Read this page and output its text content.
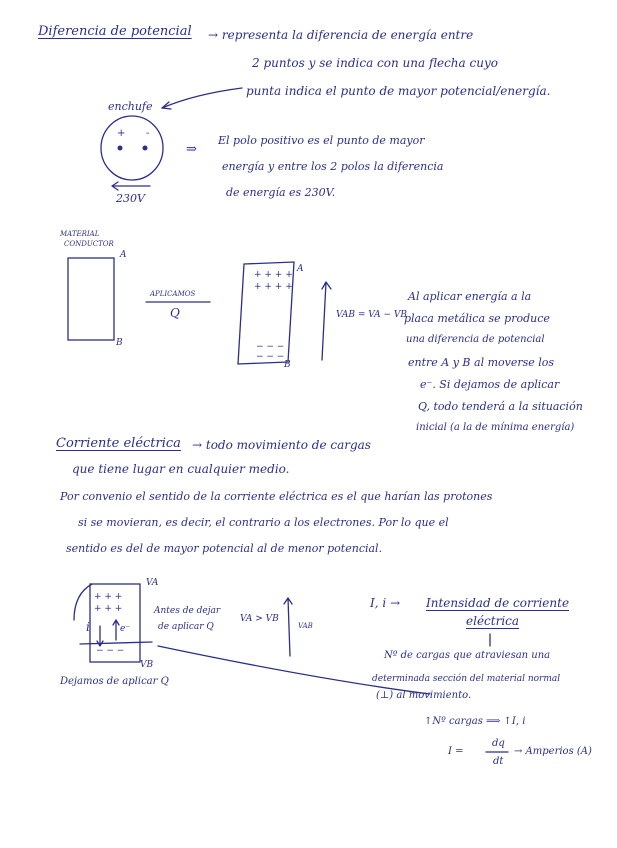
Diferencia de potencial → representa la diferencia de energía entre
2 puntos y se indica con una flecha cuyo
punta indica el punto de mayor potencial/energía.
enchufe
+ -
230V
⇒
El polo positivo es el punto de mayor
energía y entre los 2 polos la diferencia
de energía es 230V.
MATERIAL
CONDUCTOR
A
B
APLICAMOS
Q
+ + + +
+ + + +
− − −
− − −
A
B
VAB = VA − VB
Al aplicar energía a la
placa metálica se produce
una diferencia de potencial
entre A y B al moverse los
e⁻. Si dejamos de aplicar
Q, todo tenderá a la situación
inicial (a la de mínima energía)
Corriente eléctrica → todo movimiento de cargas
que tiene lugar en cualquier medio.
Por convenio el sentido de la corriente eléctrica es el que harían las protones
si se movieran, es decir, el contrario a los electrones. Por lo que el
sentido es del de mayor potencial al de menor potencial.
VA
VB
+ + +
+ + +
i	e⁻
− − −
Antes de dejar
de aplicar Q
VA > VB
VAB
Dejamos de aplicar Q
I, i → Intensidad de corriente
eléctrica
Nº de cargas que atraviesan una
determinada sección del material normal
(⊥) al movimiento.
↑Nº cargas ⟹ ↑I, i
I =
dq
dt
→ Amperios (A)
